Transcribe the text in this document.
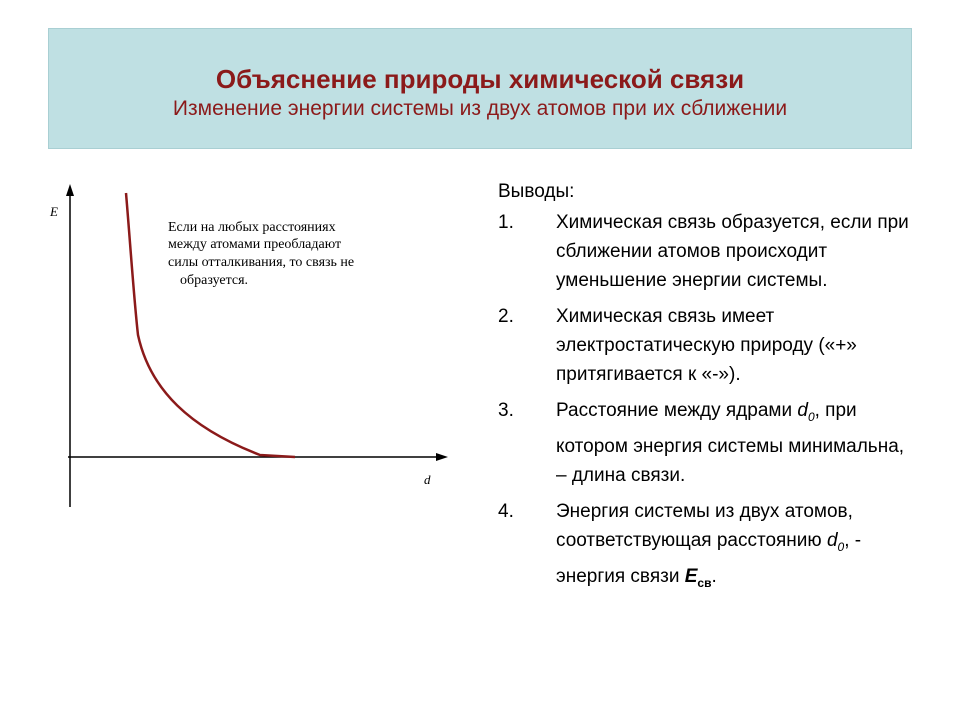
Объяснение природы химической связи
Изменение энергии системы из двух атомов при их сближении
E
d
Если на любых расстояниях
между атомами преобладают
силы отталкивания, то связь не
образуется.
Выводы:
1.	Химическая связь образуется, если при сближении атомов происходит уменьшение энергии системы.
2.	Химическая связь имеет электростатическую природу («+» притягивается к «-»).
3.	Расстояние между ядрами $d_0$, при котором энергия системы минимальна, – длина связи.
4.	Энергия системы из двух атомов, соответствующая расстоянию $d_0$, - энергия связи $E_{св}$.
